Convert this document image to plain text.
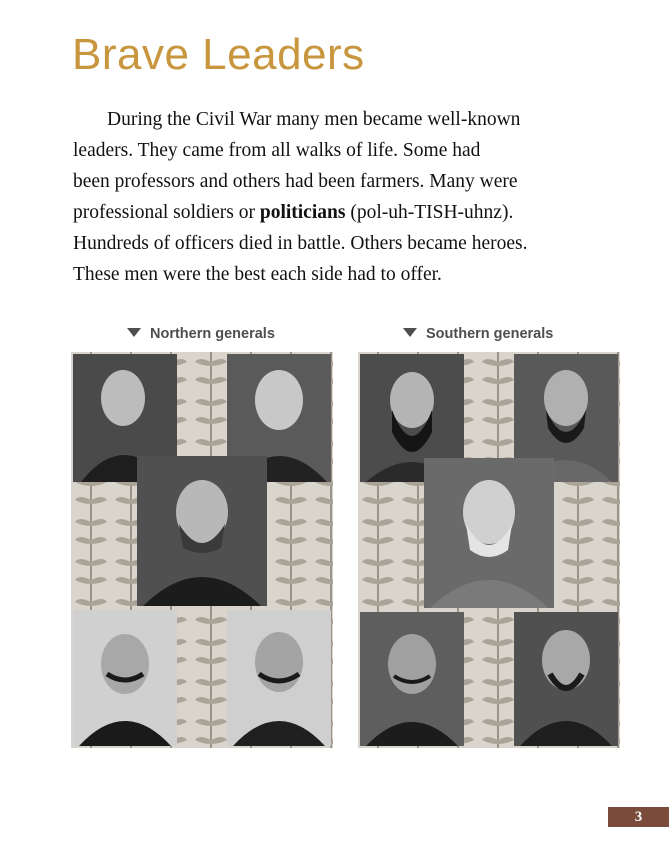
Brave Leaders
During the Civil War many men became well-known
leaders. They came from all walks of life. Some had
been professors and others had been farmers. Many were
professional soldiers or politicians (pol-uh-TISH-uhnz).
Hundreds of officers died in battle. Others became heroes.
These men were the best each side had to offer.
Northern generals	Southern generals
3
